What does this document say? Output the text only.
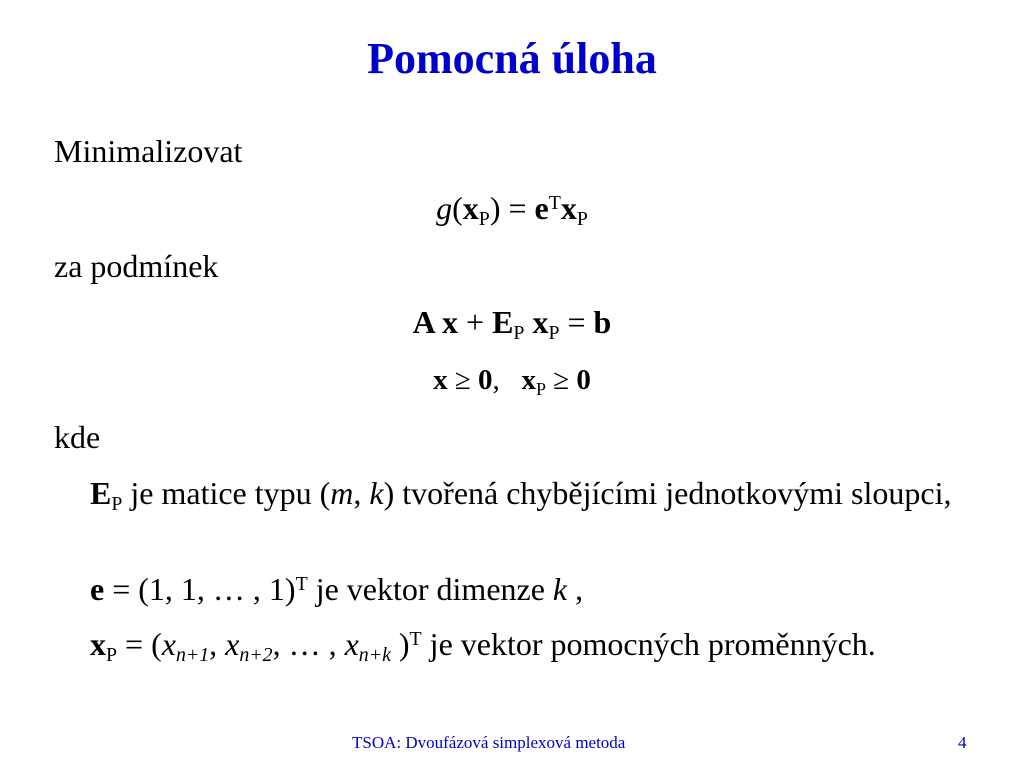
Pomocná úloha
Minimalizovat
$g(x_P) = e^Tx_P$
za podmínek
A $x + E_P$ $x_P = b$
x ≥ 0,   $x_P \ge 0$
kde
$E_P$ je matice typu (m, k) tvořená chybějícími jednotkovými sloupci,
e = (1, 1, … , 1)$^T$ je vektor dimenze k ,
$x_P = (x_{n+1}$, $x_{n+2}$, … , $x_{n+k}$ )$^T$ je vektor pomocných proměnných.
TSOA: Dvoufázová simplexová metoda	4
